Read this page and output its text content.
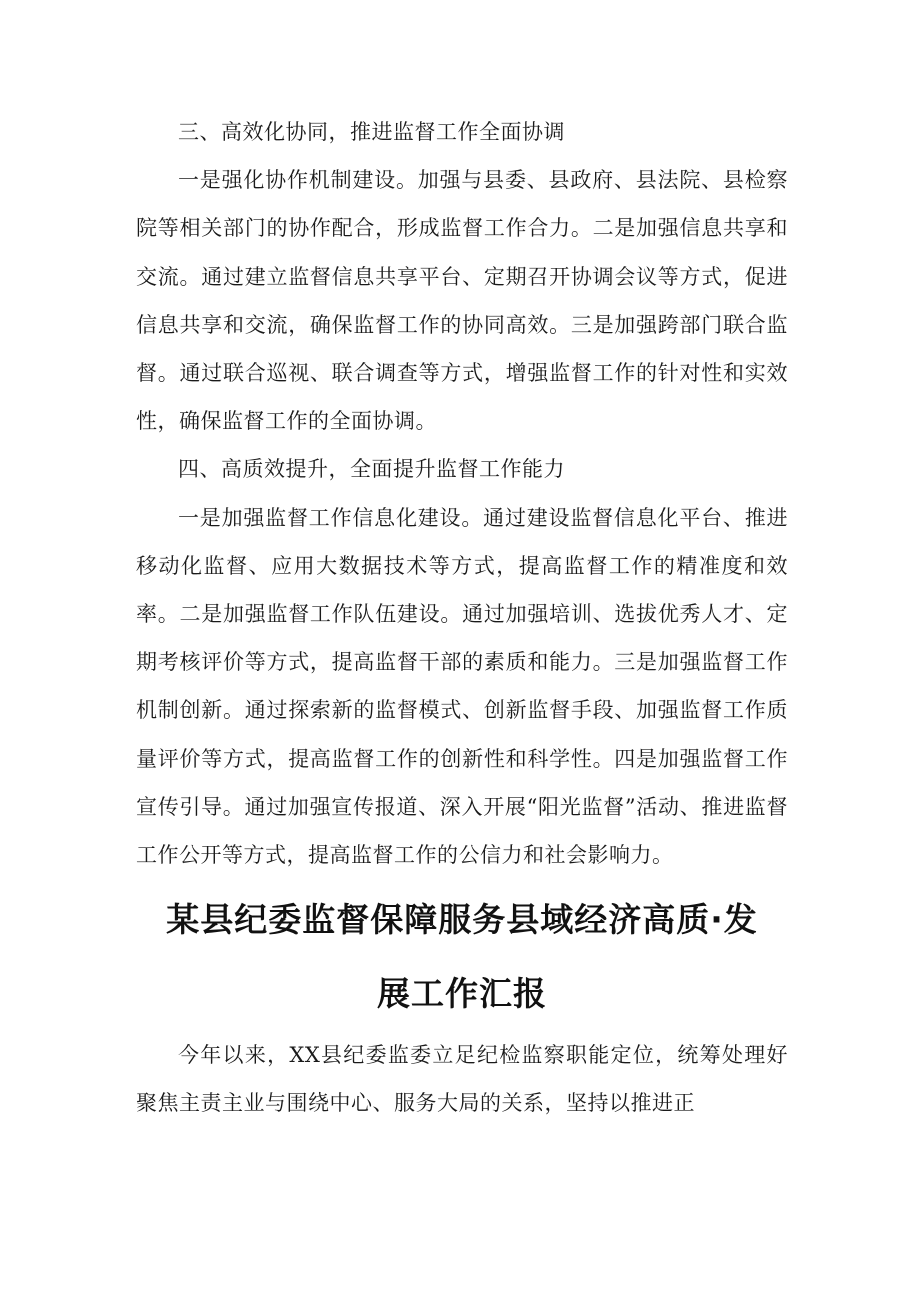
三、高效化协同，推进监督工作全面协调

一是强化协作机制建设。加强与县委、县政府、县法院、县检察院等相关部门的协作配合，形成监督工作合力。二是加强信息共享和交流。通过建立监督信息共享平台、定期召开协调会议等方式，促进信息共享和交流，确保监督工作的协同高效。三是加强跨部门联合监督。通过联合巡视、联合调查等方式，增强监督工作的针对性和实效性，确保监督工作的全面协调。

四、高质效提升，全面提升监督工作能力

一是加强监督工作信息化建设。通过建设监督信息化平台、推进移动化监督、应用大数据技术等方式，提高监督工作的精准度和效率。二是加强监督工作队伍建设。通过加强培训、选拔优秀人才、定期考核评价等方式，提高监督干部的素质和能力。三是加强监督工作机制创新。通过探索新的监督模式、创新监督手段、加强监督工作质量评价等方式，提高监督工作的创新性和科学性。四是加强监督工作宣传引导。通过加强宣传报道、深入开展“阳光监督”活动、推进监督工作公开等方式，提高监督工作的公信力和社会影响力。

某县纪委监督保障服务县域经济高质·发
展工作汇报

今年以来，XX县纪委监委立足纪检监察职能定位，统筹处理好聚焦主责主业与围绕中心、服务大局的关系，坚持以推进正
